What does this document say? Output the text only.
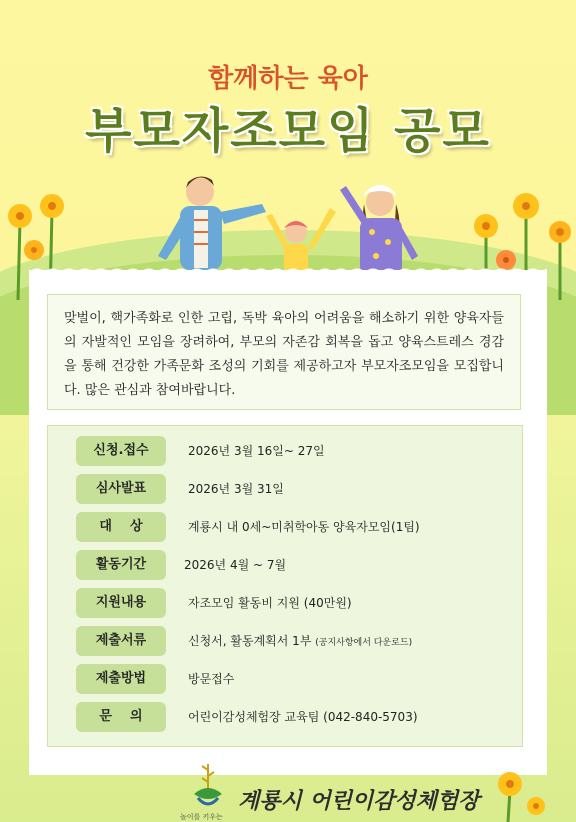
함께하는 육아
부모자조모임 공모
맞벌이, 핵가족화로 인한 고립, 독박 육아의 어려움을 해소하기 위한 양육자들의 자발적인 모임을 장려하여, 부모의 자존감 회복을 돕고 양육스트레스 경감을 통해 건강한 가족문화 조성의 기회를 제공하고자 부모자조모임을 모집합니다. 많은 관심과 참여바랍니다.
신청.접수	2026년 3월 16일~ 27일
심사발표	2026년 3월 31일
대    상	계룡시 내 0세~미취학아동 양육자모임(1팀)
활동기간	2026년 4월 ~ 7월
지원내용	자조모임 활동비 지원 (40만원)
제출서류	신청서, 활동계획서 1부 (공지사항에서 다운로드)
제출방법	방문접수
문    의	어린이감성체험장 교육팀 (042-840-5703)
놀이를 키우는
계룡시 어린이감성체험장
